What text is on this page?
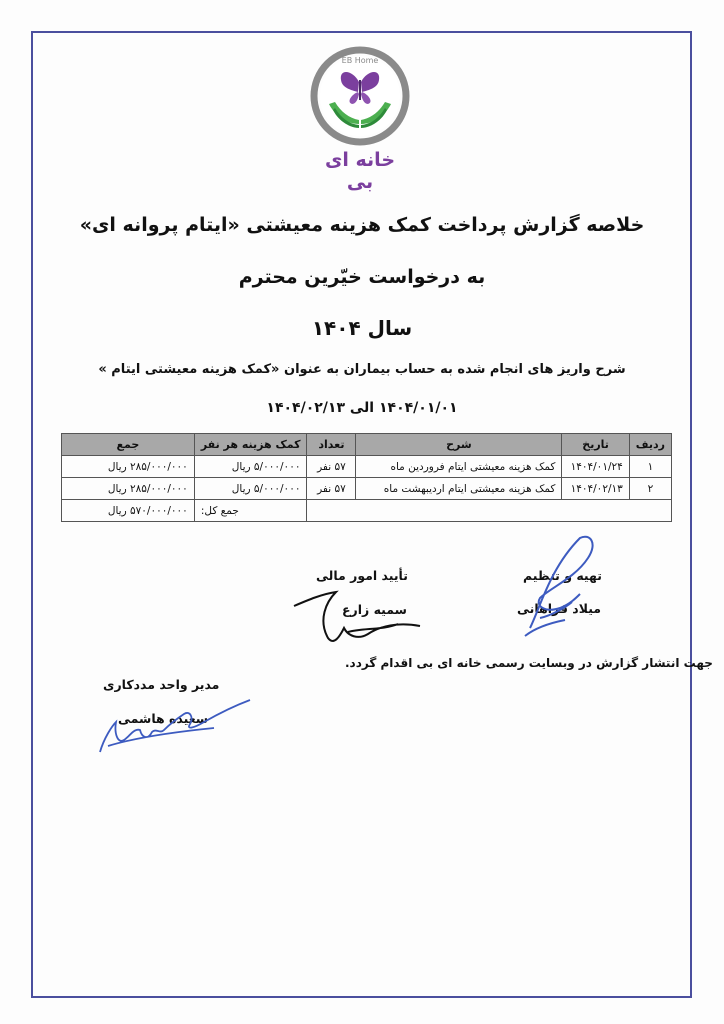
EB Home
خانه ای بی
خلاصه گزارش پرداخت کمک هزینه معیشتی «ایتام پروانه ای»
به درخواست خیّرین محترم
سال ۱۴۰۴
شرح واریز های انجام شده به حساب بیماران به عنوان «کمک هزینه معیشتی ایتام »
۱۴۰۴/۰۱/۰۱ الی ۱۴۰۴/۰۲/۱۳
ردیف	تاریخ	شرح	تعداد	کمک هزینه هر نفر	جمع
۱	۱۴۰۴/۰۱/۲۴	کمک هزینه معیشتی ایتام فروردین ماه	۵۷ نفر	۵/۰۰۰/۰۰۰ ریال	۲۸۵/۰۰۰/۰۰۰ ریال
۲	۱۴۰۴/۰۲/۱۳	کمک هزینه معیشتی ایتام اردیبهشت ماه	۵۷ نفر	۵/۰۰۰/۰۰۰ ریال	۲۸۵/۰۰۰/۰۰۰ ریال
				جمع کل:	۵۷۰/۰۰۰/۰۰۰ ریال
تهیه و تنظیم
میلاد فراهانی
تأیید امور مالی
سمیه زارع
جهت انتشار گزارش در وبسایت رسمی خانه ای بی اقدام گردد.
مدیر واحد مددکاری
سعیده هاشمی
